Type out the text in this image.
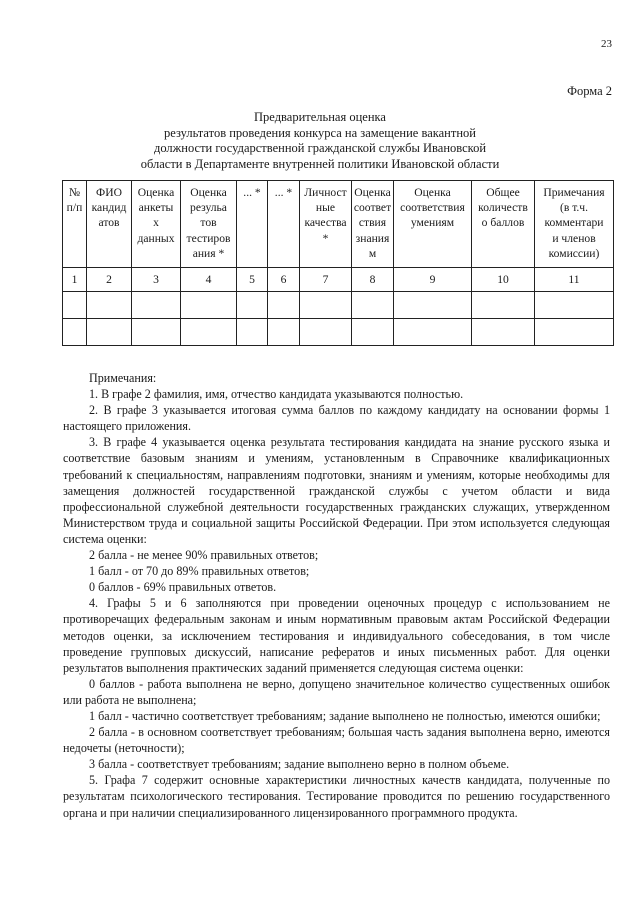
23
Форма 2
Предварительная оценка
результатов проведения конкурса на замещение вакантной
должности государственной гражданской службы Ивановской
области в Департаменте внутренней политики Ивановской области
№
п/п	ФИО
кандид
атов	Оценка
анкеты
х
данных	Оценка
резульа
тов
тестиров
ания *	... *	... *	Личност
ные
качества
*	Оценка
соответ
ствия
знания
м	Оценка
соответствия
умениям	Общее
количеств
о баллов	Примечания
(в т.ч.
комментари
и членов
комиссии)

1	2	3	4	5	6	7	8	9	10	11

Примечания:

1. В графе 2 фамилия, имя, отчество кандидата указываются полностью.

2. В графе 3 указывается итоговая сумма баллов по каждому кандидату на основании формы 1 настоящего приложения.

3. В графе 4 указывается оценка результата тестирования кандидата на знание русского языка и соответствие базовым знаниям и умениям, установленным в Справочнике квалификационных требований к специальностям, направлениям подготовки, знаниям и умениям, которые необходимы для замещения должностей государственной гражданской службы с учетом области и вида профессиональной служебной деятельности государственных гражданских служащих, утвержденном Министерством труда и социальной защиты Российской Федерации. При этом используется следующая система оценки:

2 балла - не менее 90% правильных ответов;

1 балл - от 70 до 89% правильных ответов;

0 баллов - 69% правильных ответов.

4. Графы 5 и 6 заполняются при проведении оценочных процедур с использованием не противоречащих федеральным законам и иным нормативным правовым актам Российской Федерации методов оценки, за исключением тестирования и индивидуального собеседования, в том числе проведение групповых дискуссий, написание рефератов и иных письменных работ. Для оценки результатов выполнения практических заданий применяется следующая система оценки:

0 баллов - работа выполнена не верно, допущено значительное количество существенных ошибок или работа не выполнена;

1 балл - частично соответствует требованиям; задание выполнено не полностью, имеются ошибки;

2 балла - в основном соответствует требованиям; большая часть задания выполнена верно, имеются недочеты (неточности);

3 балла - соответствует требованиям; задание выполнено верно в полном объеме.

5. Графа 7 содержит основные характеристики личностных качеств кандидата, полученные по результатам психологического тестирования. Тестирование проводится по решению государственного органа и при наличии специализированного лицензированного программного продукта.
